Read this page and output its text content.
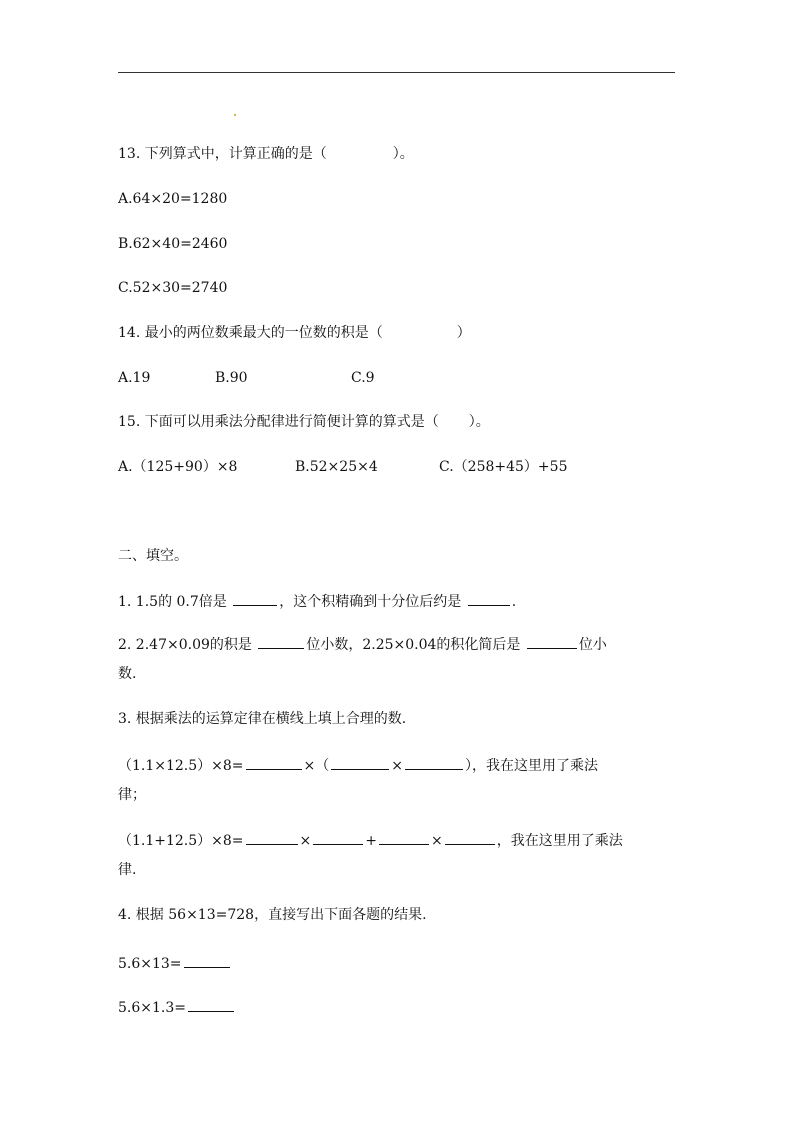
13. 下列算式中，计算正确的是（	）。
A.64×20=1280
B.62×40=2460
C.52×30=2740
14. 最小的两位数乘最大的一位数的积是（	）
A.19	B.90	C.9
15. 下面可以用乘法分配律进行简便计算的算式是（ ）。
A.（125+90）×8	B.52×25×4	C.（258+45）+55
二、填空。
1. 1.5的 0.7倍是	，这个积精确到十分位后约是	.
2. 2.47×0.09的积是	位小数，2.25×0.04的积化简后是	位小
数.
3. 根据乘法的运算定律在横线上填上合理的数.
（1.1×12.5）×8=	×（	×	），我在这里用了乘法
律；
（1.1+12.5）×8=	×	+	×	，我在这里用了乘法
律.
4. 根据 56×13=728，直接写出下面各题的结果.
5.6×13=
5.6×1.3=
